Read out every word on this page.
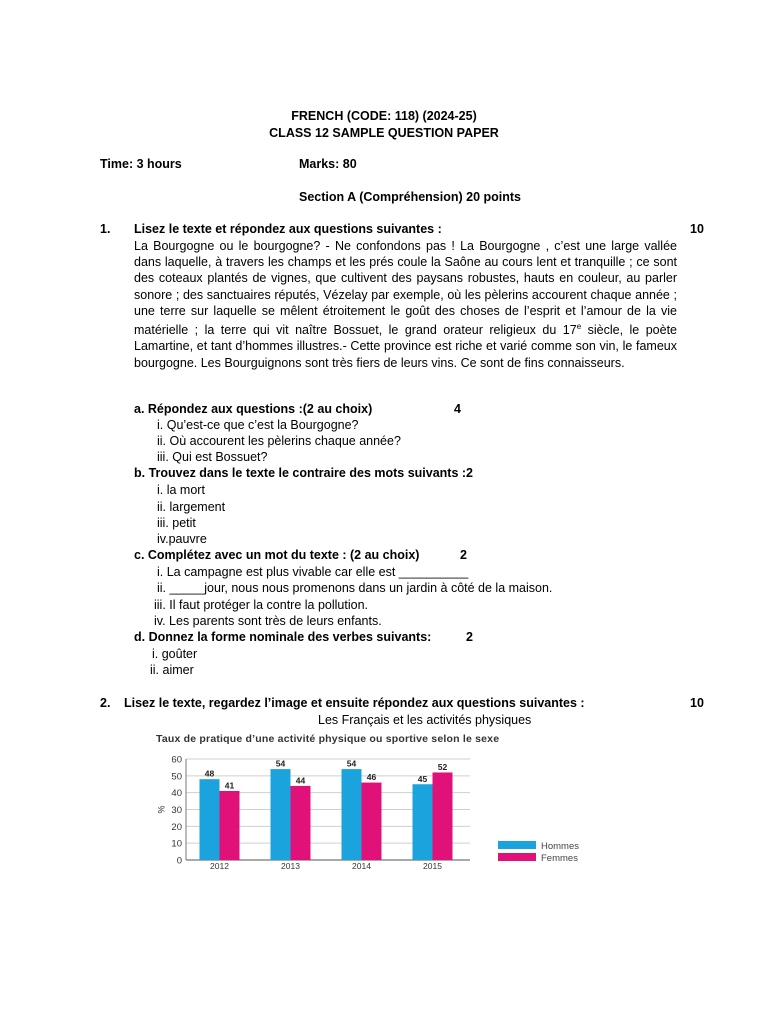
FRENCH (CODE: 118) (2024-25)
CLASS 12 SAMPLE QUESTION PAPER
Time: 3 hours	Marks: 80
Section A (Compréhension) 20 points
1. Lisez le texte et répondez aux questions suivantes :	10
La Bourgogne ou le bourgogne? - Ne confondons pas ! La Bourgogne , c’est une large vallée dans laquelle, à travers les champs et les prés coule la Saône au cours lent et tranquille ; ce sont des coteaux plantés de vignes, que cultivent des paysans robustes, hauts en couleur, au parler sonore ; des sanctuaires réputés, Vézelay par exemple, où les pèlerins accourent chaque année ; une terre sur laquelle se mêlent étroitement le goût des choses de l’esprit et l’amour de la vie matérielle ; la terre qui vit naître Bossuet, le grand orateur religieux du 17e siècle, le poète Lamartine, et tant d’hommes illustres.- Cette province est riche et varié comme son vin, le fameux bourgogne. Les Bourguignons sont très fiers de leurs vins. Ce sont de fins connaisseurs.
a. Répondez aux questions :(2 au choix)	4
i. Qu’est-ce que c’est la Bourgogne?
ii. Où accourent les pèlerins chaque année?
iii. Qui est Bossuet?
b. Trouvez dans le texte le contraire des mots suivants :2
i. la mort
ii. largement
iii. petit
iv.pauvre
c. Complétez avec un mot du texte : (2 au choix)	2
i. La campagne est plus vivable car elle est __________
ii. _____jour, nous nous promenons dans un jardin à côté de la maison.
iii. Il faut protéger la contre la pollution.
iv. Les parents sont très de leurs enfants.
d. Donnez la forme nominale des verbes suivants:	2
i. goûter
ii. aimer
2. Lisez le texte, regardez l’image et ensuite répondez aux questions suivantes :	10
Les Français et les activités physiques
Taux de pratique d’une activité physique ou sportive selon le sexe
0
10
20
30
40
50
60
%
48
41
2012
54
44
2013
54
46
2014
45
52
2015
Hommes
Femmes
